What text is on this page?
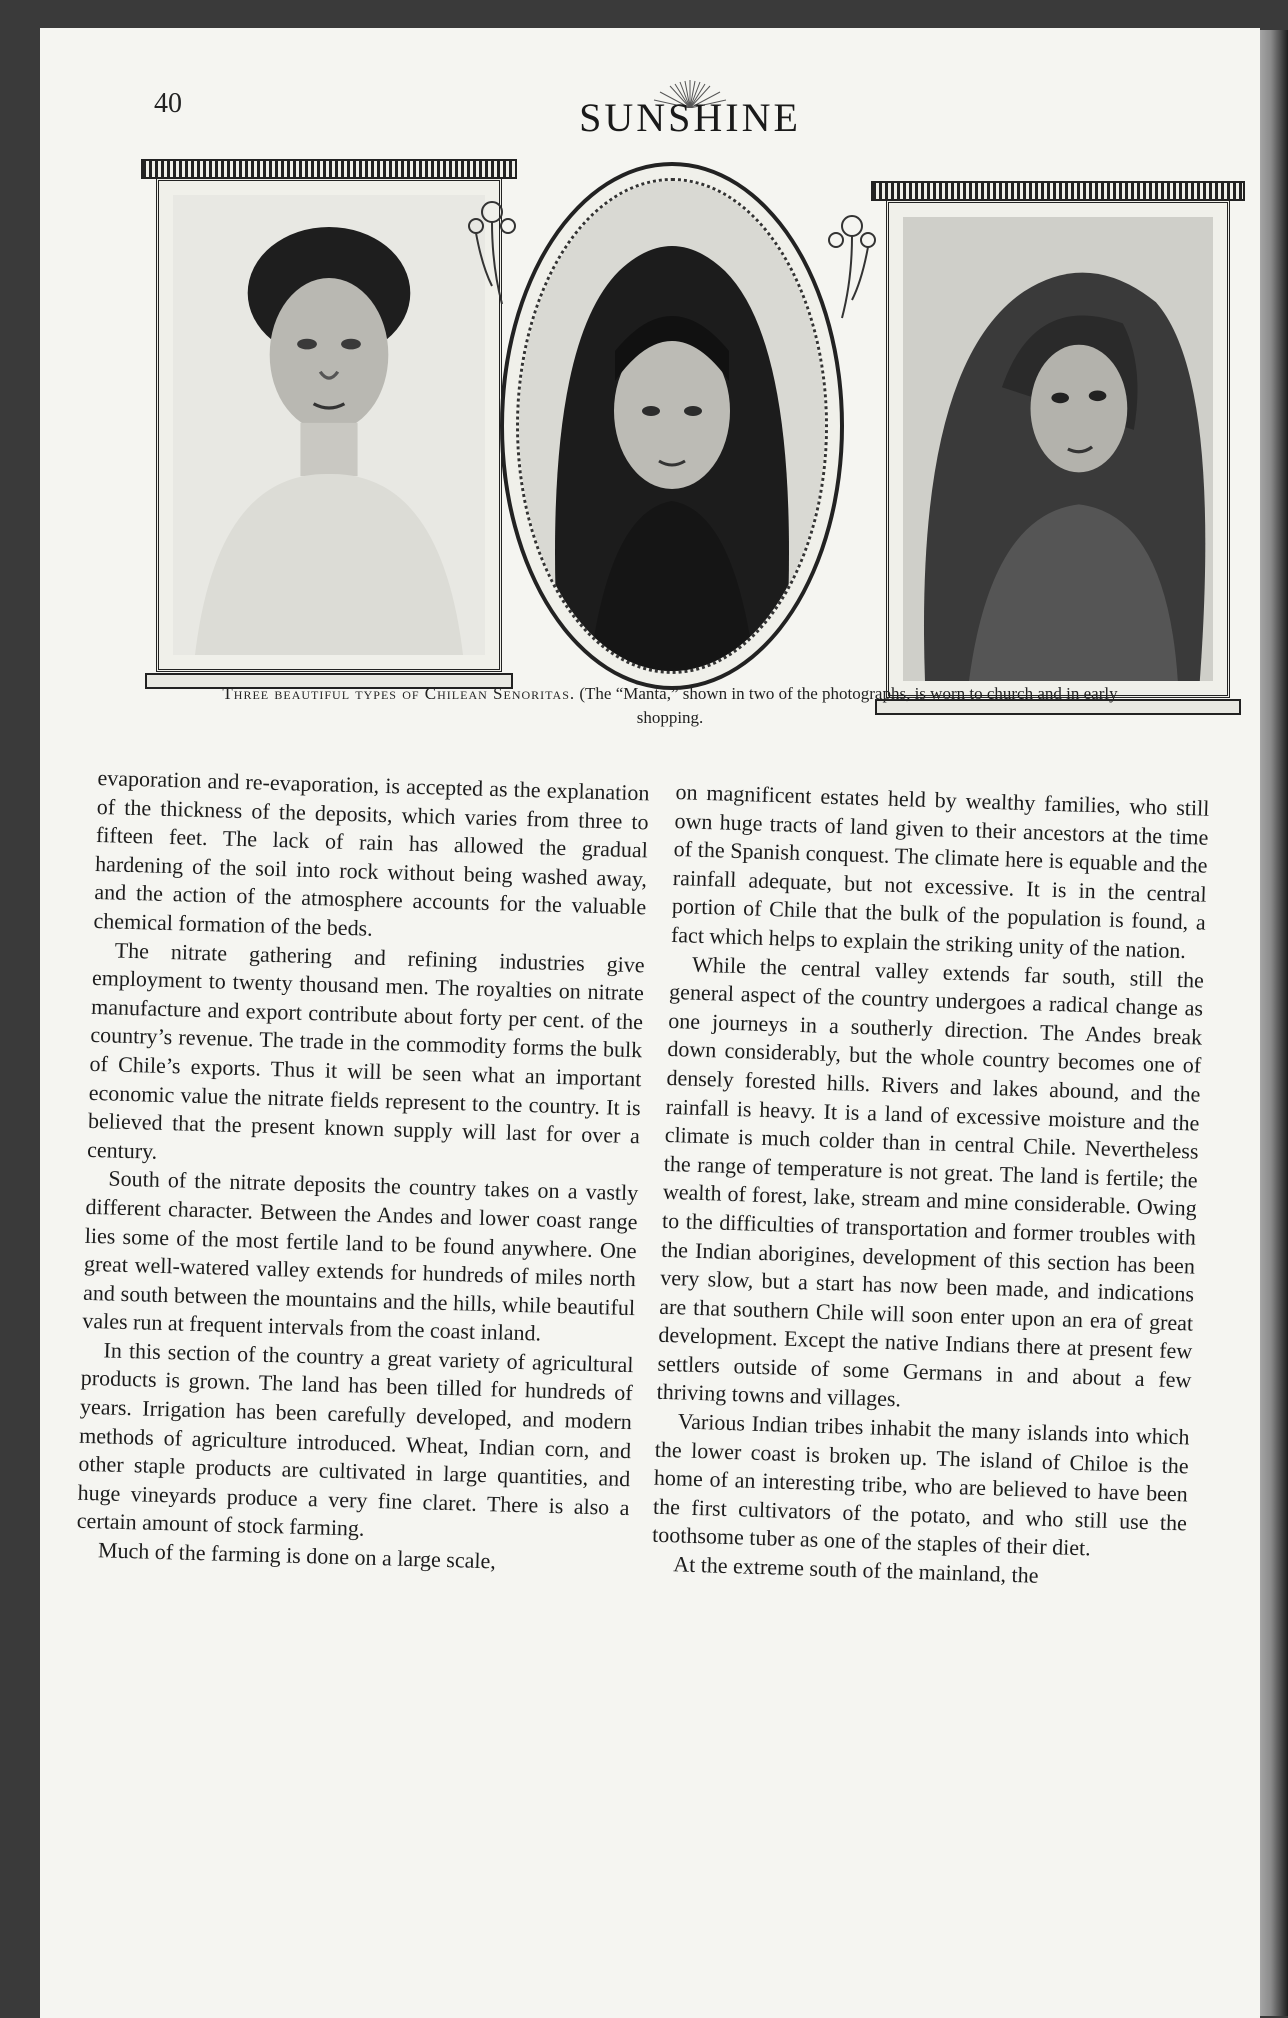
40	SUNSHINE
Three beautiful types of Chilean Senoritas. (The “Manta,” shown in two of the photographs, is worn to church and in early shopping.

evaporation and re-evaporation, is accepted as the explanation of the thickness of the deposits, which varies from three to fifteen feet. The lack of rain has allowed the gradual hardening of the soil into rock without being washed away, and the action of the atmosphere accounts for the valuable chemical formation of the beds.

The nitrate gathering and refining industries give employment to twenty thousand men. The royalties on nitrate manufacture and export contribute about forty per cent. of the country’s revenue. The trade in the commodity forms the bulk of Chile’s exports. Thus it will be seen what an important economic value the nitrate fields represent to the country. It is believed that the present known supply will last for over a century.

South of the nitrate deposits the country takes on a vastly different character. Between the Andes and lower coast range lies some of the most fertile land to be found anywhere. One great well-watered valley extends for hundreds of miles north and south between the mountains and the hills, while beautiful vales run at frequent intervals from the coast inland.

In this section of the country a great variety of agricultural products is grown. The land has been tilled for hundreds of years. Irrigation has been carefully developed, and modern methods of agriculture introduced. Wheat, Indian corn, and other staple products are cultivated in large quantities, and huge vineyards produce a very fine claret. There is also a certain amount of stock farming.

Much of the farming is done on a large scale,

on magnificent estates held by wealthy families, who still own huge tracts of land given to their ancestors at the time of the Spanish conquest. The climate here is equable and the rainfall adequate, but not excessive. It is in the central portion of Chile that the bulk of the population is found, a fact which helps to explain the striking unity of the nation.

While the central valley extends far south, still the general aspect of the country undergoes a radical change as one journeys in a southerly direction. The Andes break down considerably, but the whole country becomes one of densely forested hills. Rivers and lakes abound, and the rainfall is heavy. It is a land of excessive moisture and the climate is much colder than in central Chile. Nevertheless the range of temperature is not great. The land is fertile; the wealth of forest, lake, stream and mine considerable. Owing to the difficulties of transportation and former troubles with the Indian aborigines, development of this section has been very slow, but a start has now been made, and indications are that southern Chile will soon enter upon an era of great development. Except the native Indians there at present few settlers outside of some Germans in and about a few thriving towns and villages.

Various Indian tribes inhabit the many islands into which the lower coast is broken up. The island of Chiloe is the home of an interesting tribe, who are believed to have been the first cultivators of the potato, and who still use the toothsome tuber as one of the staples of their diet.

At the extreme south of the mainland, the
